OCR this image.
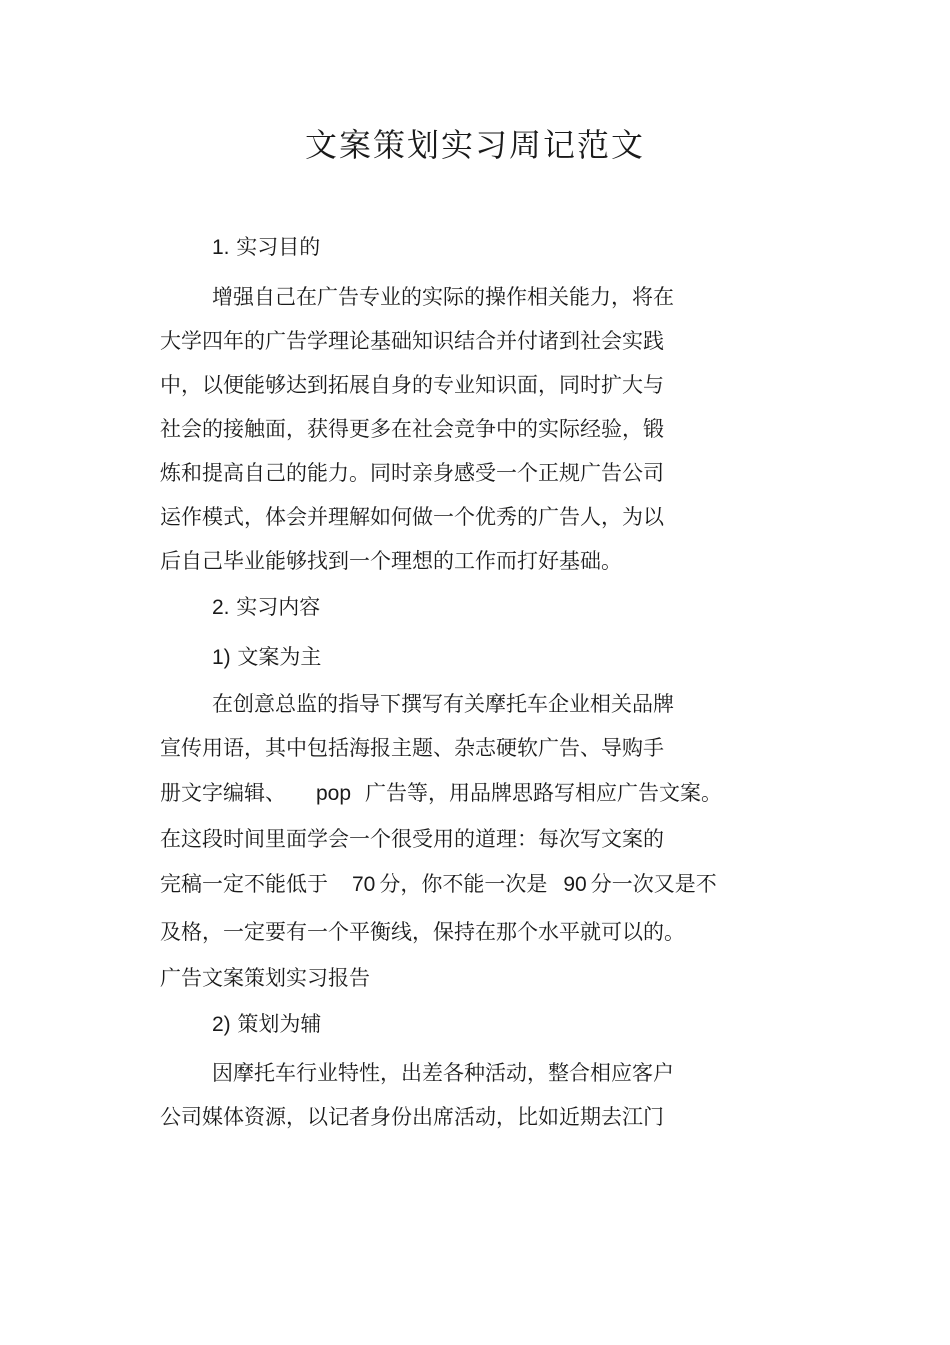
文案策划实习周记范文
1. 实习目的
增强自己在广告专业的实际的操作相关能力，将在
大学四年的广告学理论基础知识结合并付诸到社会实践
中，以便能够达到拓展自身的专业知识面，同时扩大与
社会的接触面，获得更多在社会竞争中的实际经验，锻
炼和提高自己的能力。同时亲身感受一个正规广告公司
运作模式，体会并理解如何做一个优秀的广告人，为以
后自己毕业能够找到一个理想的工作而打好基础。
2. 实习内容
1) 文案为主
在创意总监的指导下撰写有关摩托车企业相关品牌
宣传用语，其中包括海报主题、杂志硬软广告、导购手
册文字编辑、 pop 广告等，用品牌思路写相应广告文案。
在这段时间里面学会一个很受用的道理：每次写文案的
完稿一定不能低于 70 分，你不能一次是 90 分一次又是不
及格，一定要有一个平衡线，保持在那个水平就可以的。
广告文案策划实习报告
2) 策划为辅
因摩托车行业特性，出差各种活动，整合相应客户
公司媒体资源，以记者身份出席活动，比如近期去江门
